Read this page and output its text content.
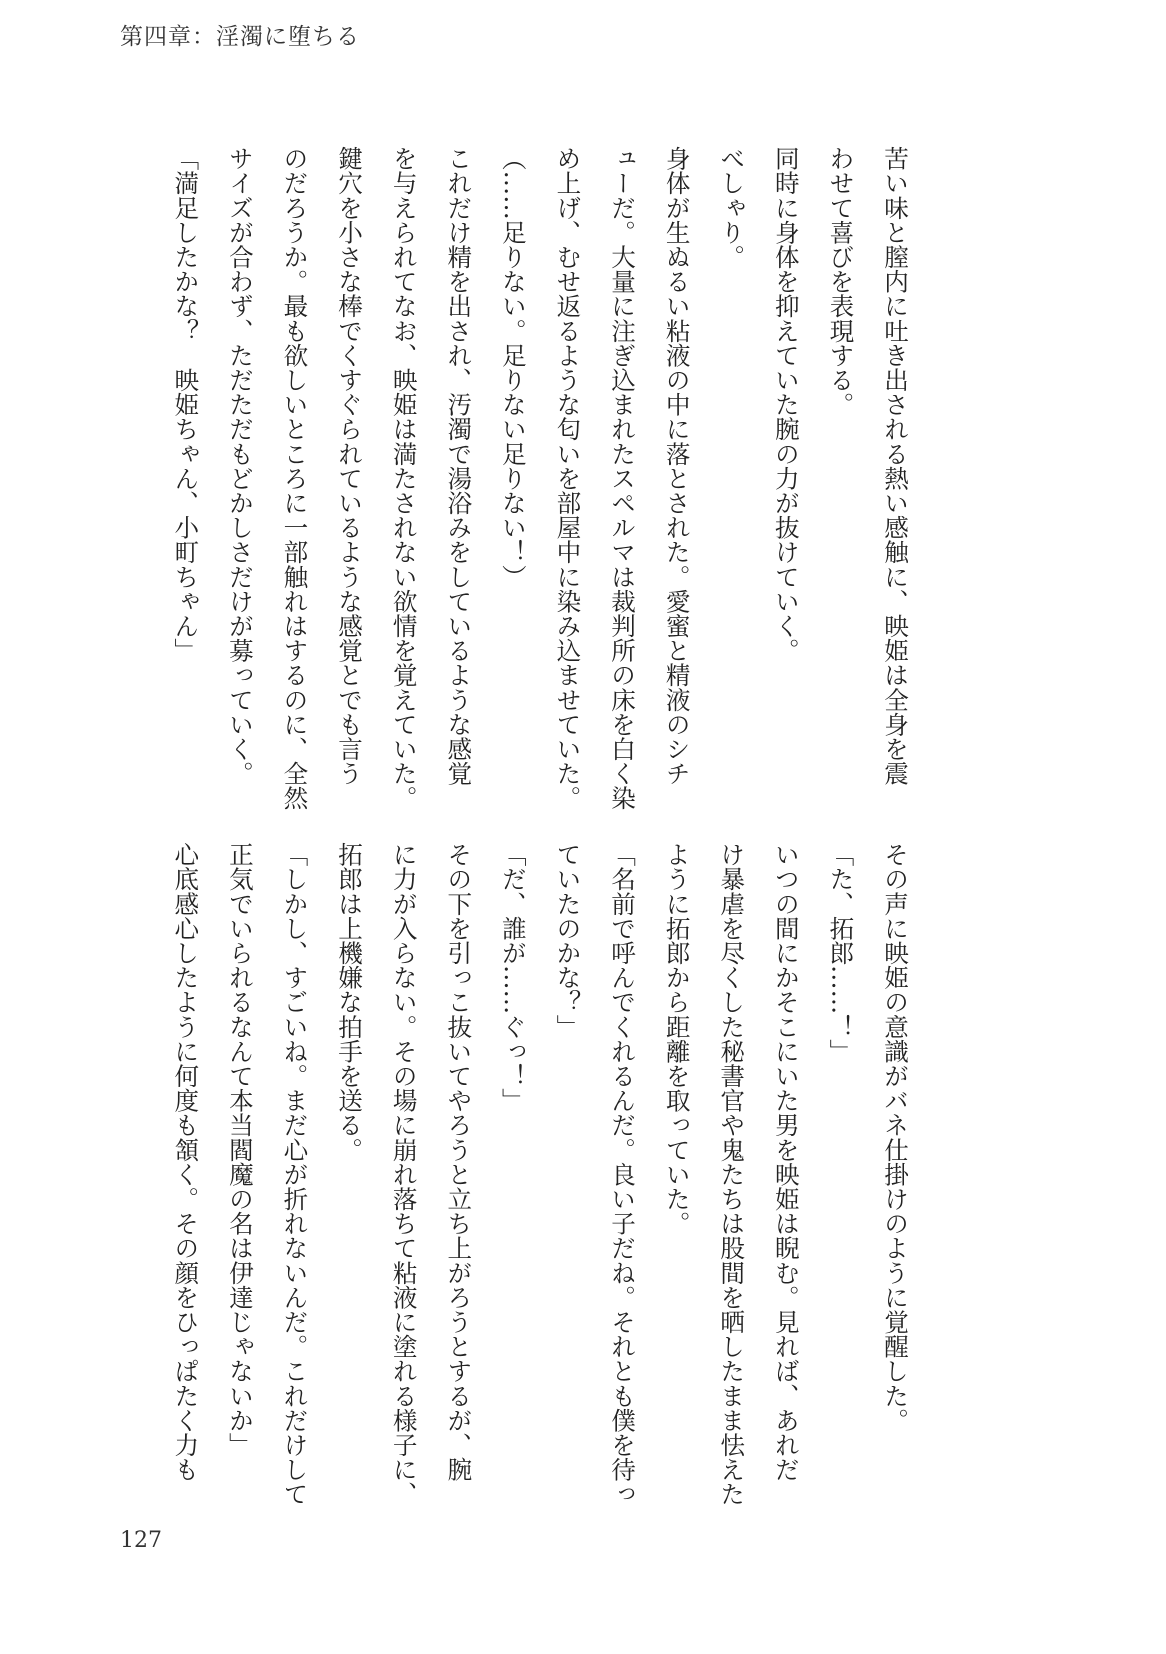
第四章：淫濁に堕ちる

苦い味と膣内に吐き出される熱い感触に、映姫は全身を震

わせて喜びを表現する。

同時に身体を抑えていた腕の力が抜けていく。

べしゃり。

身体が生ぬるい粘液の中に落とされた。愛蜜と精液のシチ

ューだ。大量に注ぎ込まれたスペルマは裁判所の床を白く染

め上げ、むせ返るような匂いを部屋中に染み込ませていた。

（……足りない。足りない足りない！）

これだけ精を出され、汚濁で湯浴みをしているような感覚

を与えられてなお、映姫は満たされない欲情を覚えていた。

鍵穴を小さな棒でくすぐられているような感覚とでも言う

のだろうか。最も欲しいところに一部触れはするのに、全然

サイズが合わず、ただただもどかしさだけが募っていく。

「満足したかな？　映姫ちゃん、小町ちゃん」

その声に映姫の意識がバネ仕掛けのように覚醒した。

「た、拓郎……！」

いつの間にかそこにいた男を映姫は睨む。見れば、あれだ

け暴虐を尽くした秘書官や鬼たちは股間を晒したまま怯えた

ように拓郎から距離を取っていた。

「名前で呼んでくれるんだ。良い子だね。それとも僕を待っ

ていたのかな？」

「だ、誰が……ぐっ！」

その下を引っこ抜いてやろうと立ち上がろうとするが、腕

に力が入らない。その場に崩れ落ちて粘液に塗れる様子に、

拓郎は上機嫌な拍手を送る。

「しかし、すごいね。まだ心が折れないんだ。これだけして

正気でいられるなんて本当閻魔の名は伊達じゃないか」

心底感心したように何度も頷く。その顔をひっぱたく力も

127
